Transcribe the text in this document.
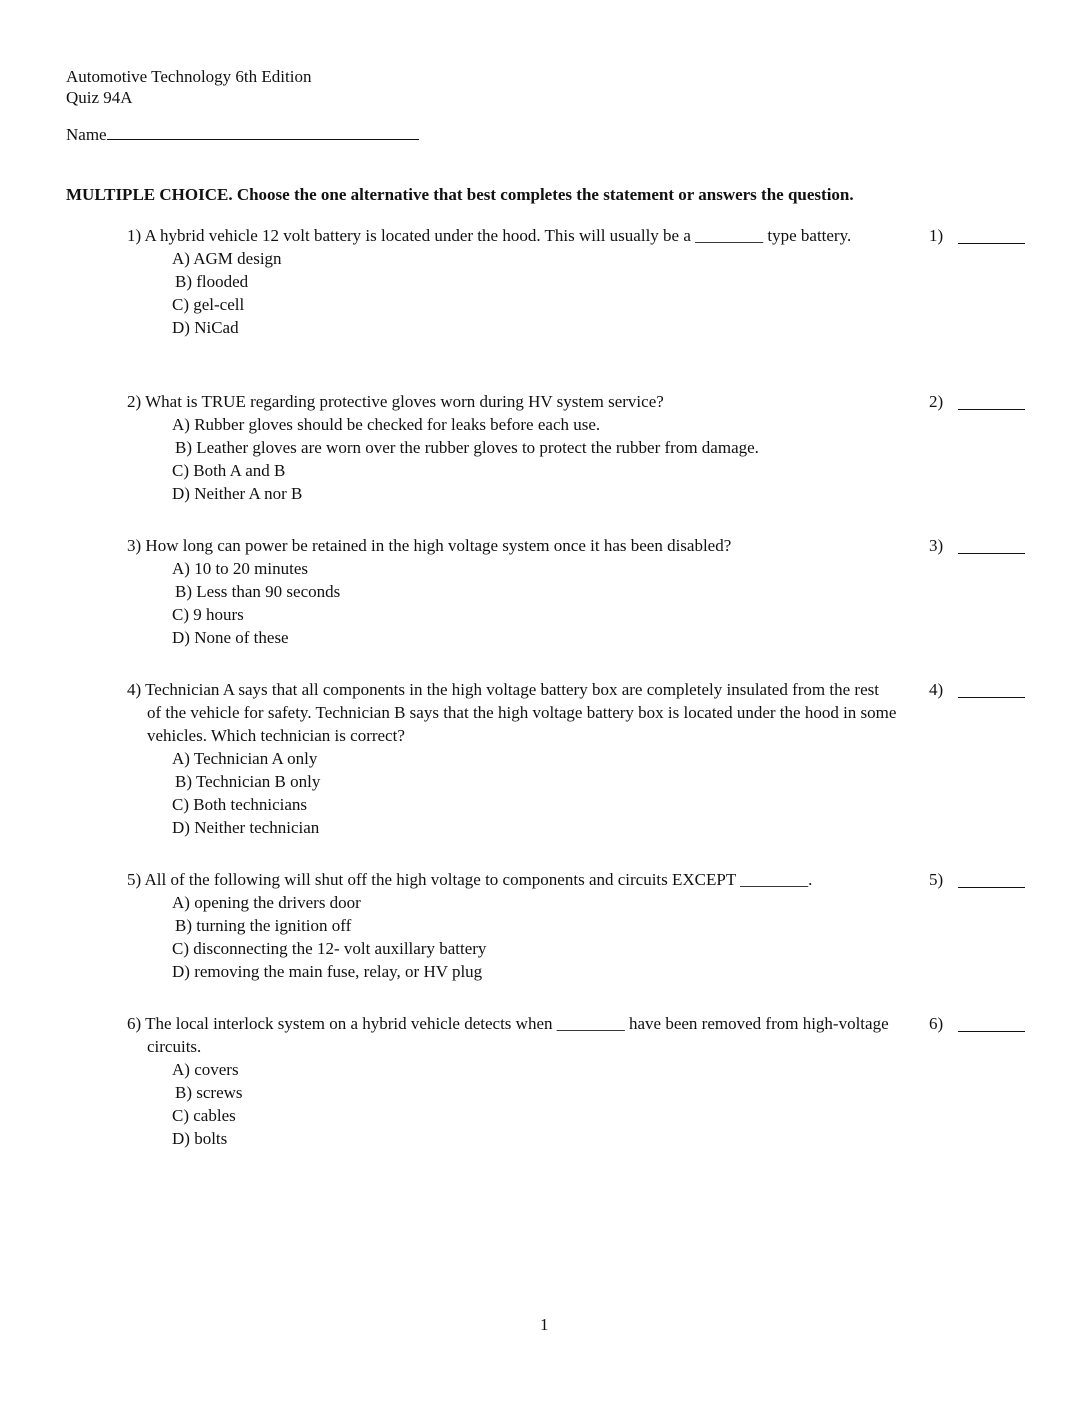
Automotive Technology 6th Edition
Quiz 94A
Name
MULTIPLE CHOICE. Choose the one alternative that best completes the statement or answers the question.
1) A hybrid vehicle 12 volt battery is located under the hood. This will usually be a ________ type battery.
A) AGM design
B) flooded
C) gel-cell
D) NiCad
1)
2) What is TRUE regarding protective gloves worn during HV system service?
A) Rubber gloves should be checked for leaks before each use.
B) Leather gloves are worn over the rubber gloves to protect the rubber from damage.
C) Both A and B
D) Neither A nor B
2)
3) How long can power be retained in the high voltage system once it has been disabled?
A) 10 to 20 minutes
B) Less than 90 seconds
C) 9 hours
D) None of these
3)
4) Technician A says that all components in the high voltage battery box are completely insulated from the rest of the vehicle for safety. Technician B says that the high voltage battery box is located under the hood in some vehicles. Which technician is correct?
A) Technician A only
B) Technician B only
C) Both technicians
D) Neither technician
4)
5) All of the following will shut off the high voltage to components and circuits EXCEPT ________.
A) opening the drivers door
B) turning the ignition off
C) disconnecting the 12- volt auxillary battery
D) removing the main fuse, relay, or HV plug
5)
6) The local interlock system on a hybrid vehicle detects when ________ have been removed from high-voltage circuits.
A) covers
B) screws
C) cables
D) bolts
6)
1
